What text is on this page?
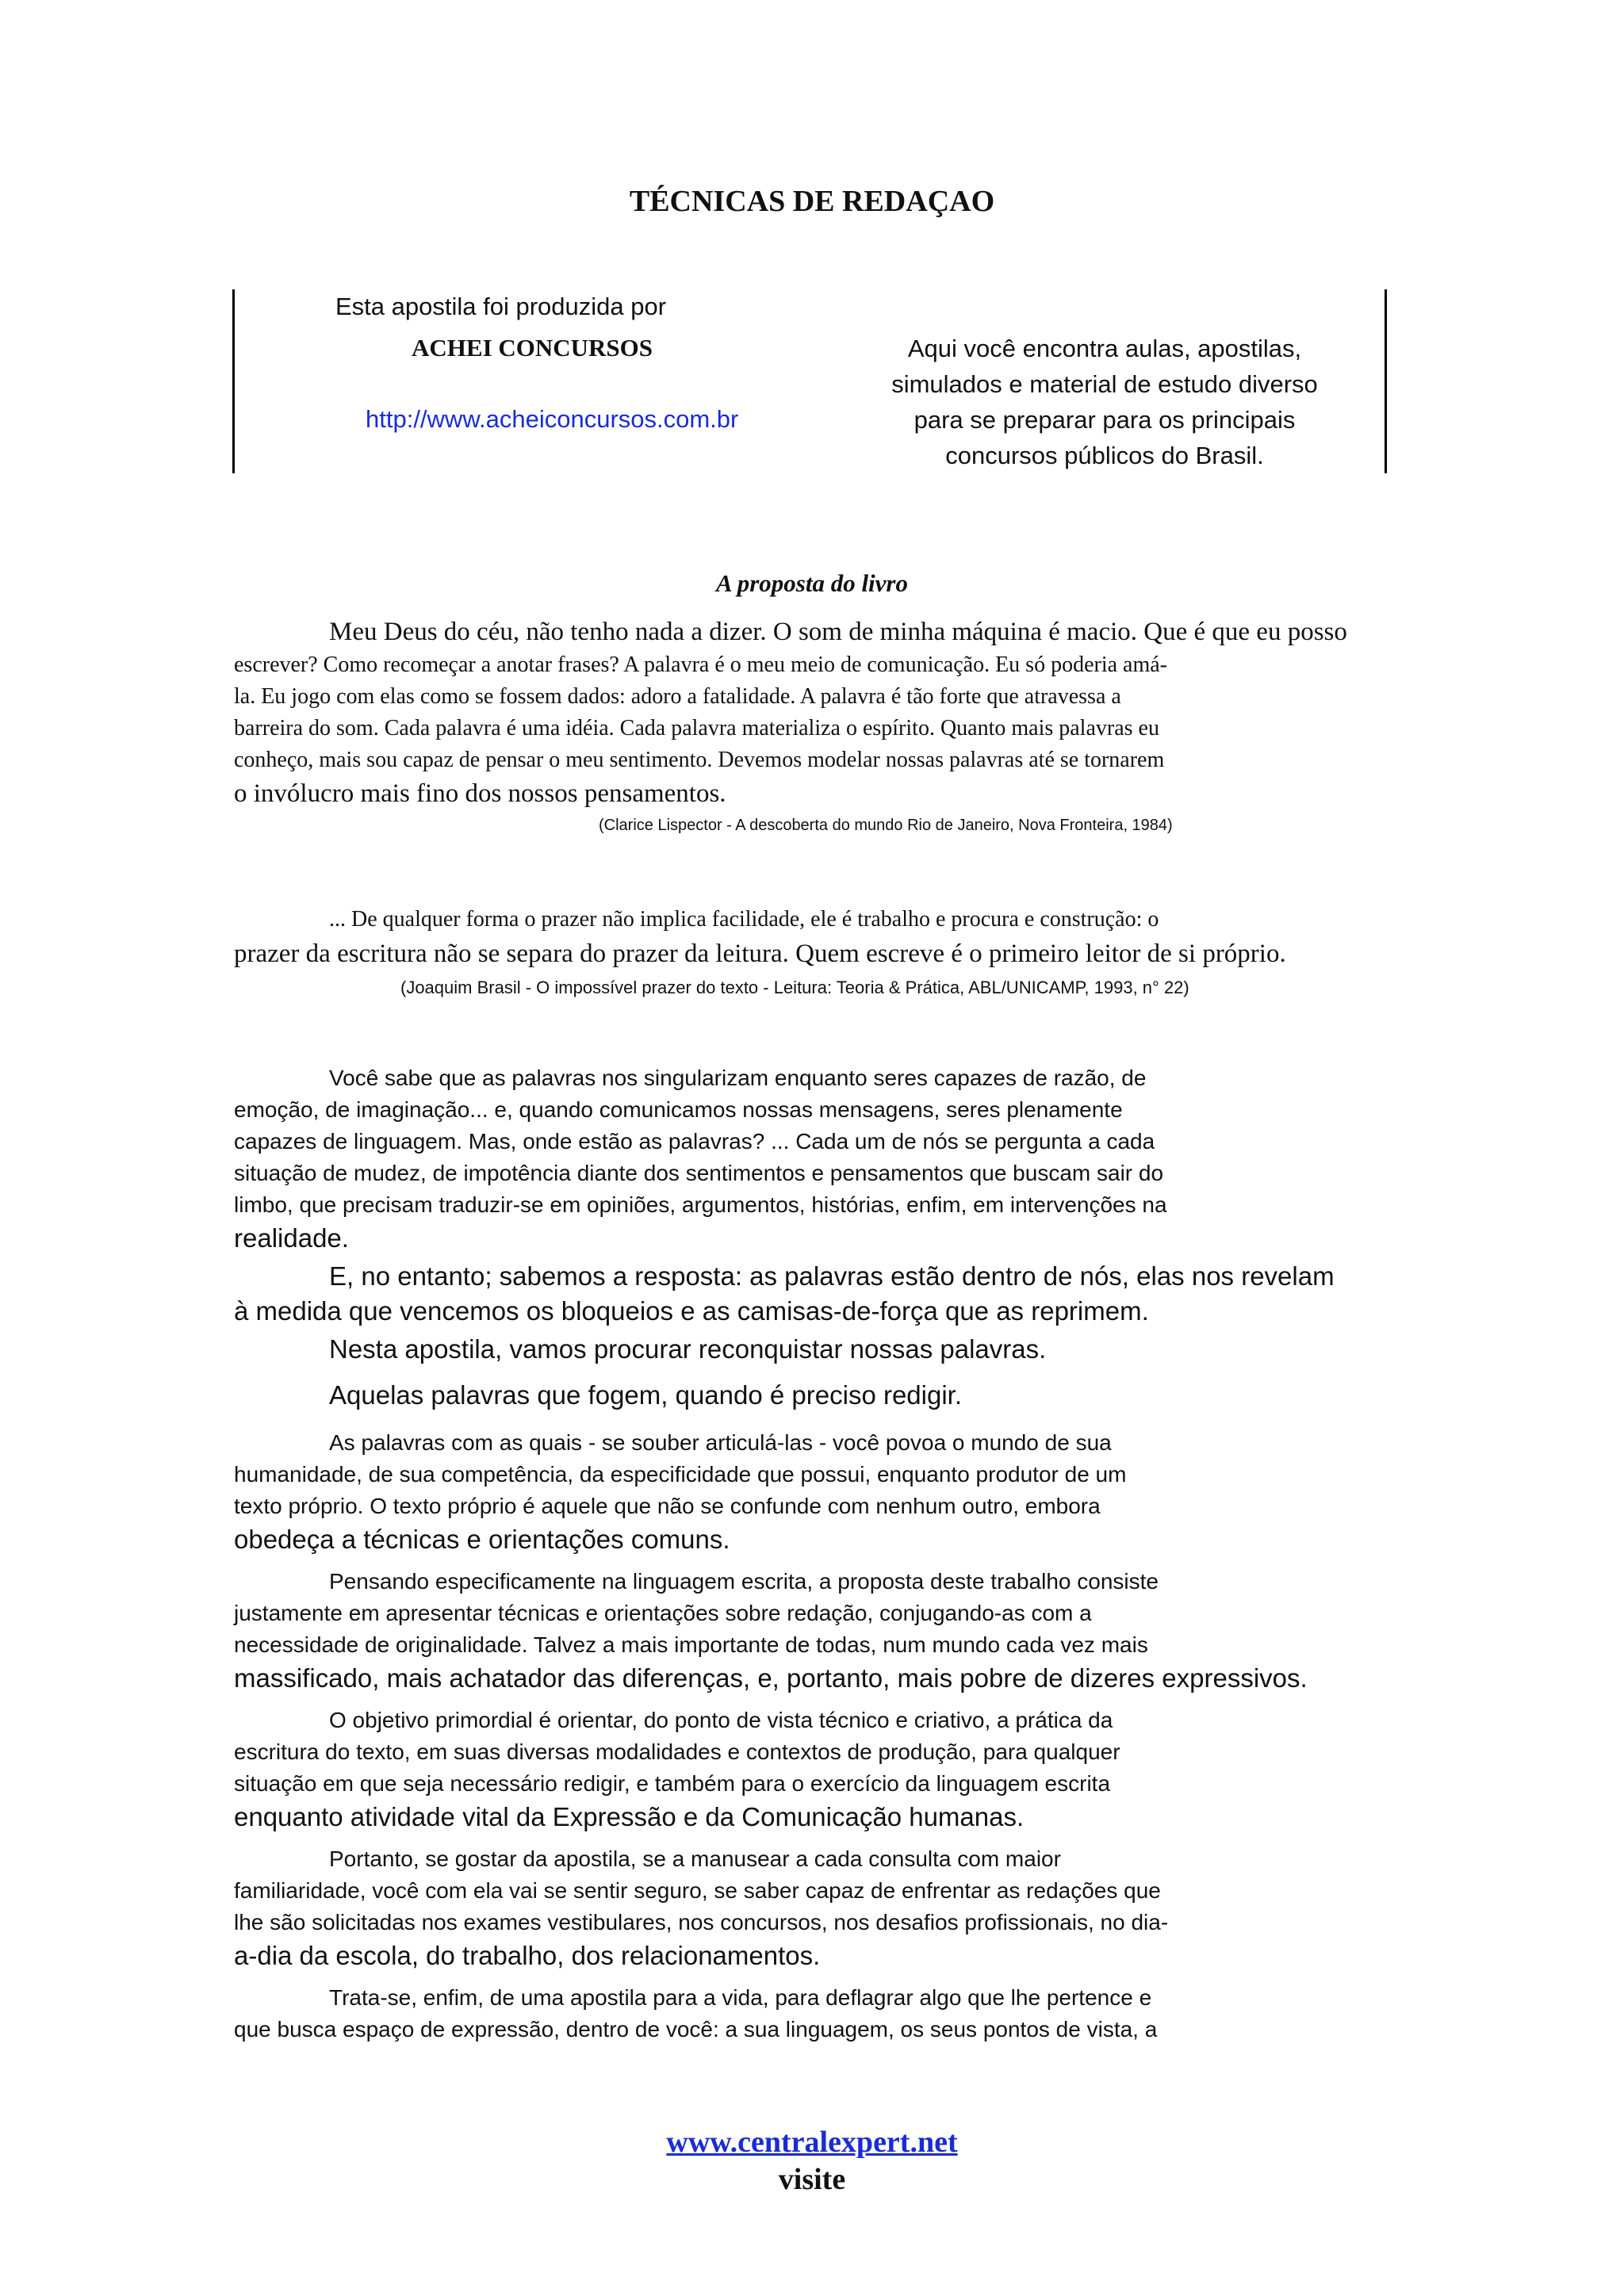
TÉCNICAS DE REDAÇAO
Esta apostila foi produzida por
ACHEI CONCURSOS
http://www.acheiconcursos.com.br
Aqui você encontra aulas, apostilas,
simulados e material de estudo diverso
para se preparar para os principais
concursos públicos do Brasil.
A proposta do livro
Meu Deus do céu, não tenho nada a dizer. O som de minha máquina é macio. Que é que eu posso
escrever? Como recomeçar a anotar frases? A palavra é o meu meio de comunicação. Eu só poderia amá-
la. Eu jogo com elas como se fossem dados: adoro a fatalidade. A palavra é tão forte que atravessa a
barreira do som. Cada palavra é uma idéia. Cada palavra materializa o espírito. Quanto mais palavras eu
conheço, mais sou capaz de pensar o meu sentimento. Devemos modelar nossas palavras até se tornarem
o invólucro mais fino dos nossos pensamentos.
(Clarice Lispector - A descoberta do mundo Rio de Janeiro, Nova Fronteira, 1984)
... De qualquer forma o prazer não implica facilidade, ele é trabalho e procura e construção: o
prazer da escritura não se separa do prazer da leitura. Quem escreve é o primeiro leitor de si próprio.
(Joaquim Brasil - O impossível prazer do texto - Leitura: Teoria & Prática, ABL/UNICAMP, 1993, n° 22)
Você sabe que as palavras nos singularizam enquanto seres capazes de razão, de
emoção, de imaginação... e, quando comunicamos nossas mensagens, seres plenamente
capazes de linguagem. Mas, onde estão as palavras? ... Cada um de nós se pergunta a cada
situação de mudez, de impotência diante dos sentimentos e pensamentos que buscam sair do
limbo, que precisam traduzir-se em opiniões, argumentos, histórias, enfim, em intervenções na
realidade.
E, no entanto; sabemos a resposta: as palavras estão dentro de nós, elas nos revelam
à medida que vencemos os bloqueios e as camisas-de-força que as reprimem.
Nesta apostila, vamos procurar reconquistar nossas palavras.
Aquelas palavras que fogem, quando é preciso redigir.
As palavras com as quais - se souber articulá-las - você povoa o mundo de sua
humanidade, de sua competência, da especificidade que possui, enquanto produtor de um
texto próprio. O texto próprio é aquele que não se confunde com nenhum outro, embora
obedeça a técnicas e orientações comuns.
Pensando especificamente na linguagem escrita, a proposta deste trabalho consiste
justamente em apresentar técnicas e orientações sobre redação, conjugando-as com a
necessidade de originalidade. Talvez a mais importante de todas, num mundo cada vez mais
massificado, mais achatador das diferenças, e, portanto, mais pobre de dizeres expressivos.
O objetivo primordial é orientar, do ponto de vista técnico e criativo, a prática da
escritura do texto, em suas diversas modalidades e contextos de produção, para qualquer
situação em que seja necessário redigir, e também para o exercício da linguagem escrita
enquanto atividade vital da Expressão e da Comunicação humanas.
Portanto, se gostar da apostila, se a manusear a cada consulta com maior
familiaridade, você com ela vai se sentir seguro, se saber capaz de enfrentar as redações que
lhe são solicitadas nos exames vestibulares, nos concursos, nos desafios profissionais, no dia-
a-dia da escola, do trabalho, dos relacionamentos.
Trata-se, enfim, de uma apostila para a vida, para deflagrar algo que lhe pertence e
que busca espaço de expressão, dentro de você: a sua linguagem, os seus pontos de vista, a
www.centralexpert.net
visite
